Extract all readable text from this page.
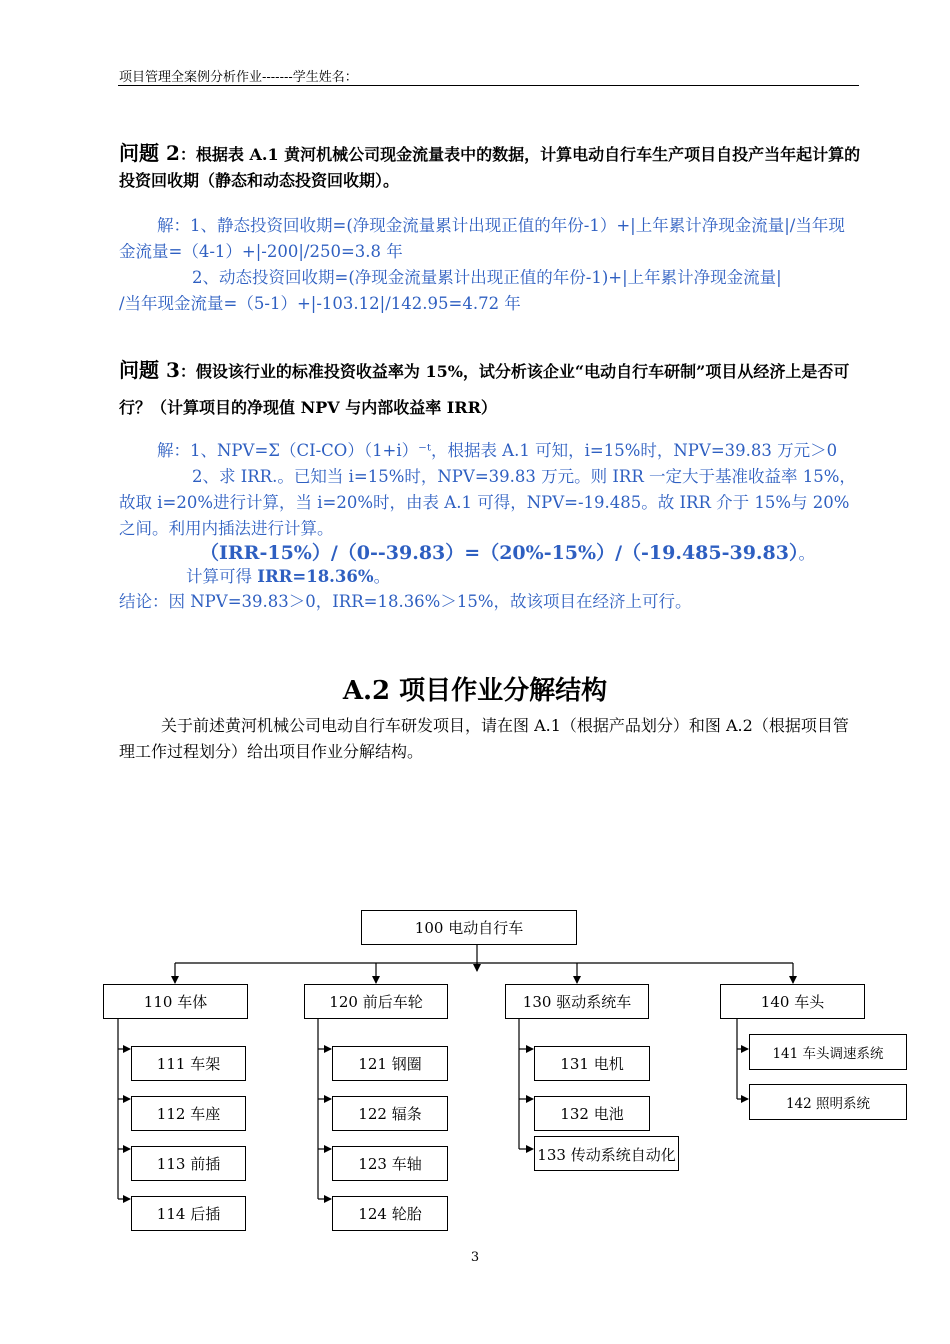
项目管理全案例分析作业-------学生姓名：
问题 2：根据表 A.1 黄河机械公司现金流量表中的数据，计算电动自行车生产项目自投产当年起计算的投资回收期（静态和动态投资回收期）。
解：1、静态投资回收期=(净现金流量累计出现正值的年份-1）+|上年累计净现金流量|/当年现金流量=（4-1）+|-200|/250=3.8 年
2、动态投资回收期=(净现金流量累计出现正值的年份-1)+|上年累计净现金流量|
/当年现金流量=（5-1）+|-103.12|/142.95=4.72 年
问题 3：假设该行业的标准投资收益率为 15%，试分析该企业“电动自行车研制”项目从经济上是否可行？（计算项目的净现值 NPV 与内部收益率 IRR）
解：1、NPV=Σ（CI-CO）（1+i）⁻ᵗ，根据表 A.1 可知，i=15%时，NPV=39.83 万元＞0
2、求 IRR.。已知当 i=15%时，NPV=39.83 万元。则 IRR 一定大于基准收益率 15%，
故取 i=20%进行计算，当 i=20%时，由表 A.1 可得，NPV=-19.485。故 IRR 介于 15%与 20%之间。利用内插法进行计算。
（IRR-15%）/（0--39.83）=（20%-15%）/（-19.485-39.83）。
计算可得 IRR=18.36%。
结论：因 NPV=39.83＞0，IRR=18.36%＞15%，故该项目在经济上可行。
A.2 项目作业分解结构
关于前述黄河机械公司电动自行车研发项目，请在图 A.1（根据产品划分）和图 A.2（根据项目管理工作过程划分）给出项目作业分解结构。
100 电动自行车
110 车体	120 前后车轮	130 驱动系统车	140 车头
111 车架
112 车座
113 前插
114 后插
121 钢圈
122 辐条
123 车轴
124 轮胎
131 电机
132 电池
133 传动系统自动化
141 车头调速系统
142 照明系统
3
